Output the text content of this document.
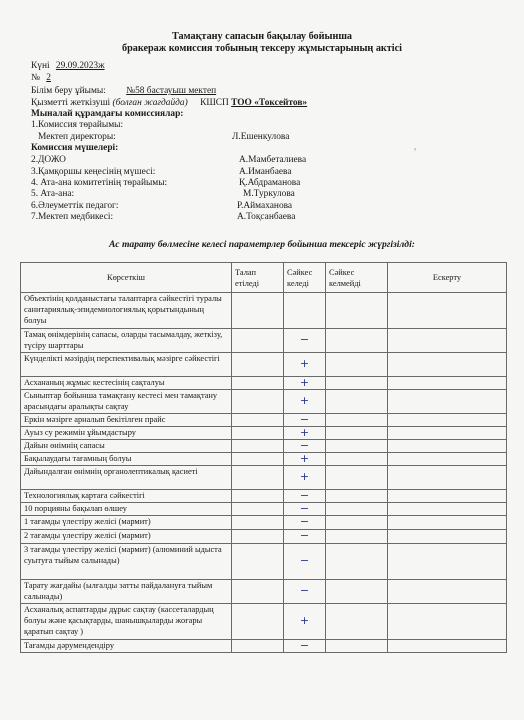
Тамақтану сапасын бақылау бойынша
бракераж комиссия тобының тексеру жұмыстарының актісі
Күні 29.09.2023ж
№ 2
Білім беру ұйымы: №58 бастауыш мектеп
Қызметті жеткізуші (болған жағдайда) КШСП ТОО «Токсейтов»
Мыналай құрамдағы комиссиялар:
1.Комиссия төрайымы:
Мектеп директоры:	Л.Ешенкулова
◦
Комиссия мүшелері:
2.ДОЖО	А.Мамбеталиева
3.Қамқоршы кеңесінің мүшесі:	А.Иманбаева
4. Ата-ана комитетінің төрайымы:	Қ.Абдраманова
5. Ата-ана:	М.Туркулова
6.Әлеуметтік педагог:	Р.Аймаханова
7.Мектеп медбикесі:	А.Тоқсанбаева
Ас тарату бөлмесіне келесі параметрлер бойынша тексеріс жүргізілді:
Көрсеткіш	Талап етіледі	Сәйкес келеді	Сәйкес келмейді	Ескерту
Объектінің қолданыстағы талаптарға сәйкестігі туралы санитариялық-эпидемиологиялық қорытындының болуы				
Тамақ өнімдерінің сапасы, оларды тасымалдау, жеткізу, түсіру шарттары		−		
Күнделікті мәзірдің перспективалық мәзірге сәйкестігі		+		
Асхананың жұмыс кестесінің сақталуы		+		
Сыныптар бойынша тамақтану кестесі мен тамақтану арасындағы аралықты сақтау		+		
Еркін мәзірге арналып бекітілген прайс		−		
Ауыз су режимін ұйымдастыру		+		
Дайын өнімнің сапасы		−		
Бақылаудағы тағамның болуы		+		
Дайындалған өнімнің органолептикалық қасиеті		+		
Технологиялық картаға сәйкестігі		−		
10 порцияны бақылап өлшеу		−		
1 тағамды үлестіру желісі (мармит)		−		
2 тағамды үлестіру желісі (мармит)		−		
3 тағамды үлестіру желісі (мармит) (алюминий ыдыста суытуға тыйым салынады)		−		
Тарату жағдайы (ылғалды затты пайдалануға тыйым салынады)		−		
Асханалық аспаптарды дұрыс сақтау (кассеталардың болуы және қасықтарды, шанышқыларды жоғары қаратып сақтау )		+		
Тағамды дәрумендендіру		−		
